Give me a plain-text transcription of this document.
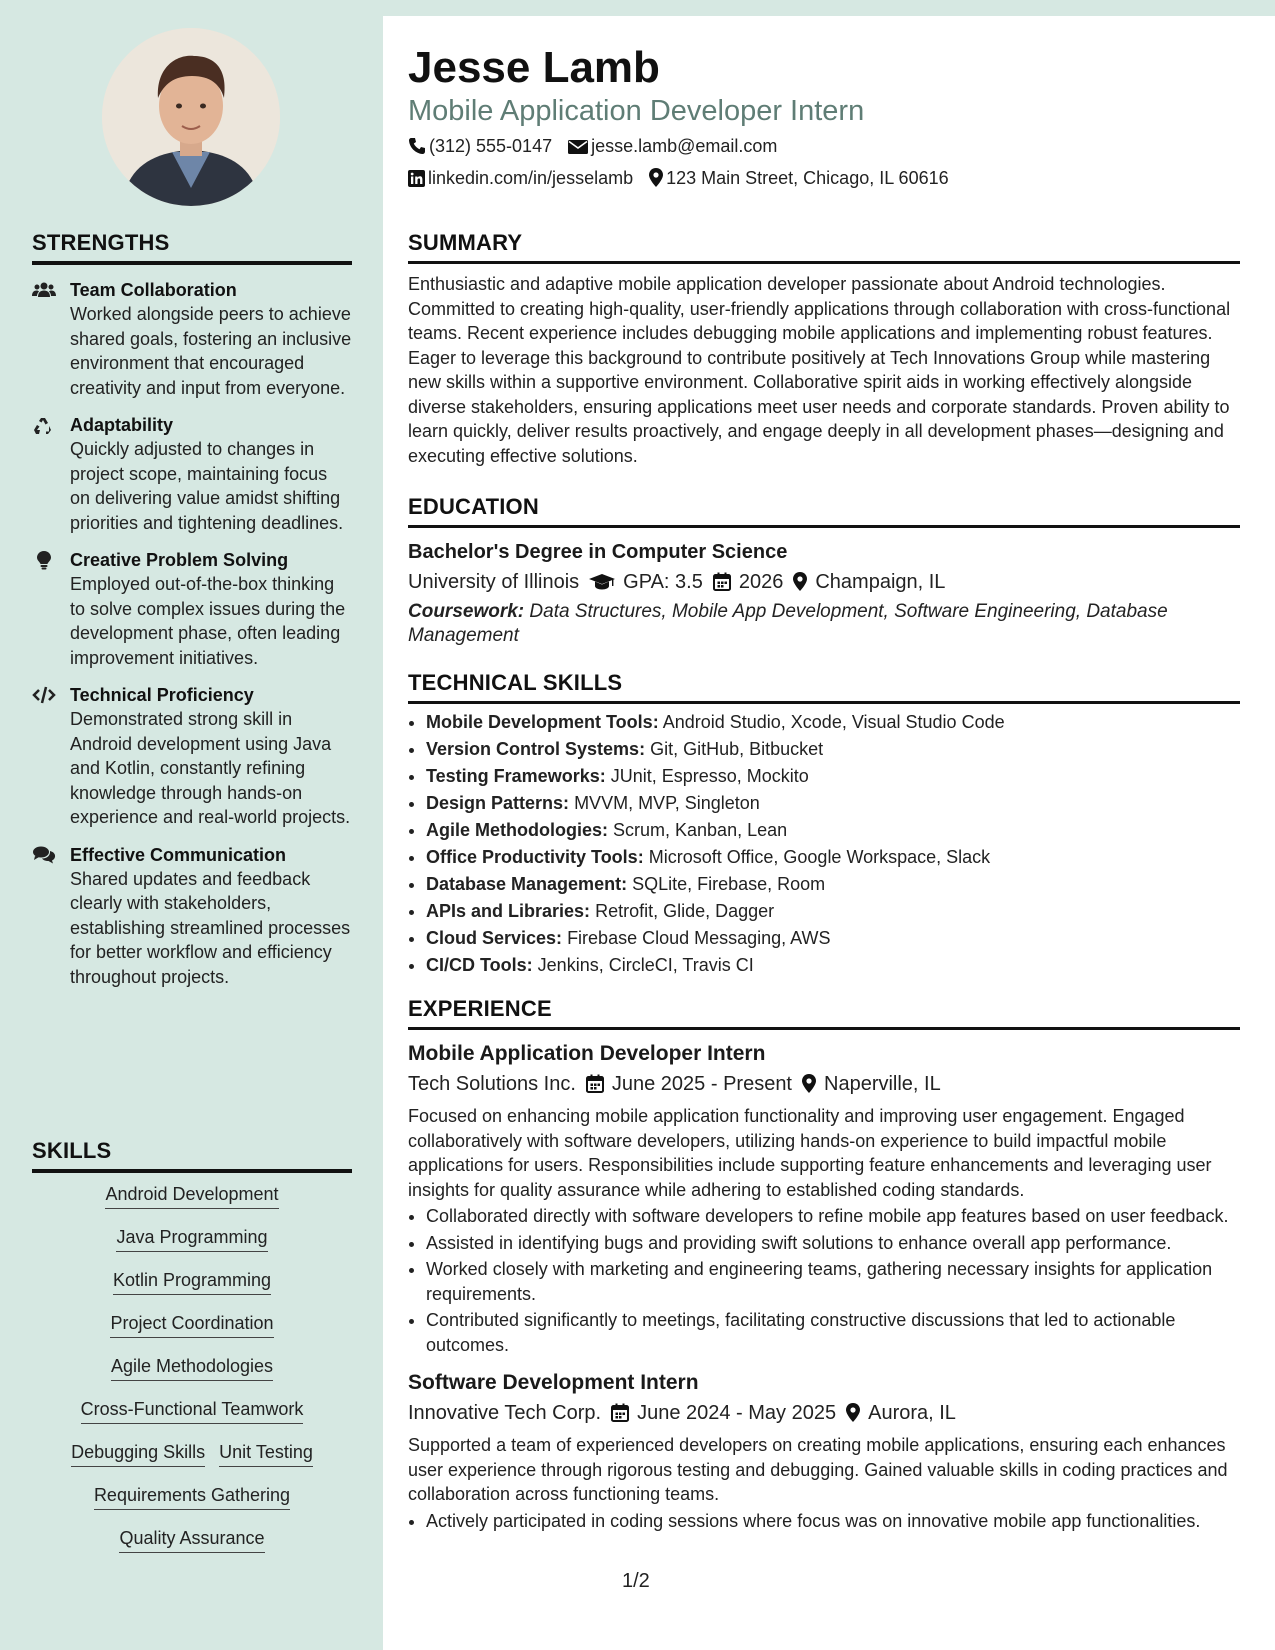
STRENGTHS
Team Collaboration
Worked alongside peers to achieve shared goals, fostering an inclusive environment that encouraged creativity and input from everyone.
Adaptability
Quickly adjusted to changes in project scope, maintaining focus on delivering value amidst shifting priorities and tightening deadlines.
Creative Problem Solving
Employed out-of-the-box thinking to solve complex issues during the development phase, often leading improvement initiatives.
Technical Proficiency
Demonstrated strong skill in Android development using Java and Kotlin, constantly refining knowledge through hands-on experience and real-world projects.
Effective Communication
Shared updates and feedback clearly with stakeholders, establishing streamlined processes for better workflow and efficiency throughout projects.
SKILLS
Android Development
Java Programming
Kotlin Programming
Project Coordination
Agile Methodologies
Cross-Functional Teamwork
Debugging Skills Unit Testing
Requirements Gathering
Quality Assurance
Jesse Lamb
Mobile Application Developer Intern
(312) 555-0147 jesse.lamb@email.com
linkedin.com/in/jesselamb 123 Main Street, Chicago, IL 60616
SUMMARY
Enthusiastic and adaptive mobile application developer passionate about Android technologies. Committed to creating high-quality, user-friendly applications through collaboration with cross-functional teams. Recent experience includes debugging mobile applications and implementing robust features. Eager to leverage this background to contribute positively at Tech Innovations Group while mastering new skills within a supportive environment. Collaborative spirit aids in working effectively alongside diverse stakeholders, ensuring applications meet user needs and corporate standards. Proven ability to learn quickly, deliver results proactively, and engage deeply in all development phases—designing and executing effective solutions.
EDUCATION
Bachelor's Degree in Computer Science
University of Illinois GPA: 3.5 2026 Champaign, IL
Coursework: Data Structures, Mobile App Development, Software Engineering, Database Management
TECHNICAL SKILLS
• Mobile Development Tools: Android Studio, Xcode, Visual Studio Code
• Version Control Systems: Git, GitHub, Bitbucket
• Testing Frameworks: JUnit, Espresso, Mockito
• Design Patterns: MVVM, MVP, Singleton
• Agile Methodologies: Scrum, Kanban, Lean
• Office Productivity Tools: Microsoft Office, Google Workspace, Slack
• Database Management: SQLite, Firebase, Room
• APIs and Libraries: Retrofit, Glide, Dagger
• Cloud Services: Firebase Cloud Messaging, AWS
• CI/CD Tools: Jenkins, CircleCI, Travis CI
EXPERIENCE
Mobile Application Developer Intern
Tech Solutions Inc. June 2025 - Present Naperville, IL
Focused on enhancing mobile application functionality and improving user engagement. Engaged collaboratively with software developers, utilizing hands-on experience to build impactful mobile applications for users. Responsibilities include supporting feature enhancements and leveraging user insights for quality assurance while adhering to established coding standards.
• Collaborated directly with software developers to refine mobile app features based on user feedback.
• Assisted in identifying bugs and providing swift solutions to enhance overall app performance.
• Worked closely with marketing and engineering teams, gathering necessary insights for application requirements.
• Contributed significantly to meetings, facilitating constructive discussions that led to actionable outcomes.
Software Development Intern
Innovative Tech Corp. June 2024 - May 2025 Aurora, IL
Supported a team of experienced developers on creating mobile applications, ensuring each enhances user experience through rigorous testing and debugging. Gained valuable skills in coding practices and collaboration across functioning teams.
• Actively participated in coding sessions where focus was on innovative mobile app functionalities.
1/2
